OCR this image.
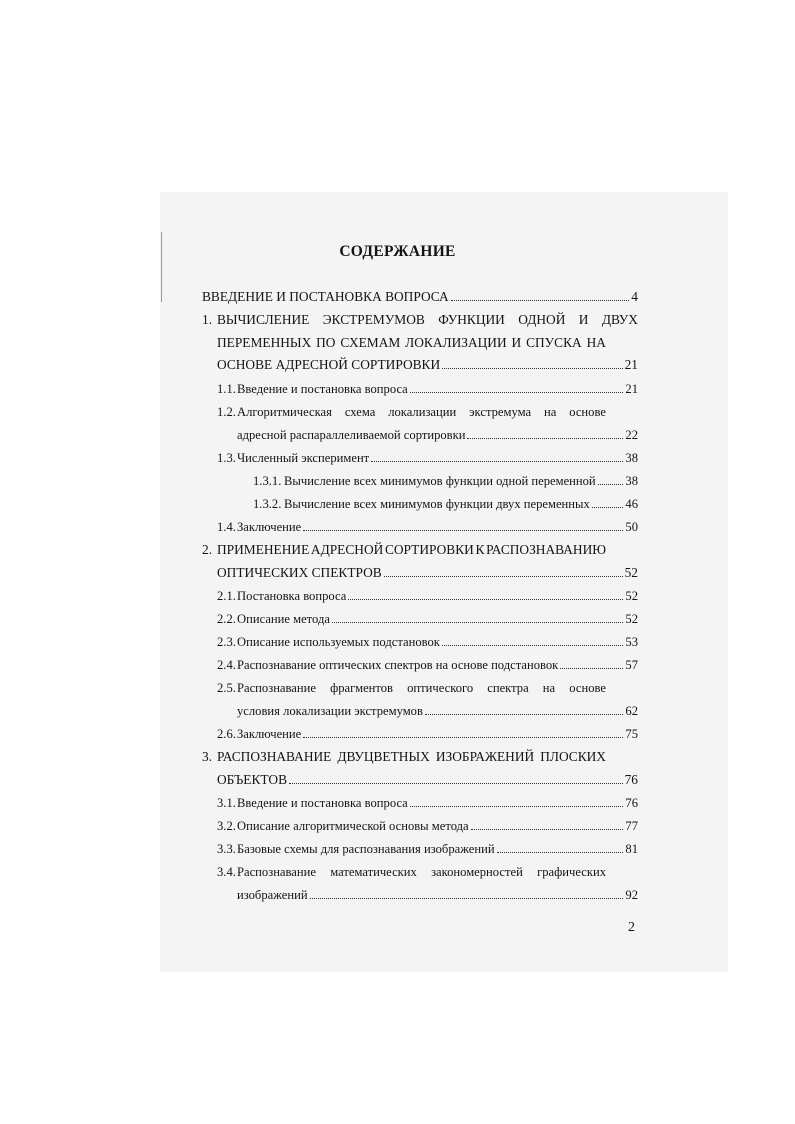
СОДЕРЖАНИЕ
ВВЕДЕНИЕ И ПОСТАНОВКА ВОПРОСА	4
1. ВЫЧИСЛЕНИЕ ЭКСТРЕМУМОВ ФУНКЦИИ ОДНОЙ И ДВУХ
ПЕРЕМЕННЫХ ПО СХЕМАМ ЛОКАЛИЗАЦИИ И СПУСКА НА
ОСНОВЕ АДРЕСНОЙ СОРТИРОВКИ	21
1.1. Введение и постановка вопроса	21
1.2. Алгоритмическая схема локализации экстремума на основе
адресной распараллеливаемой сортировки	22
1.3. Численный эксперимент	38
1.3.1. Вычисление всех минимумов функции одной переменной 38
1.3.2. Вычисление всех минимумов функции двух переменных	46
1.4. Заключение	50
2. ПРИМЕНЕНИЕ АДРЕСНОЙ СОРТИРОВКИ К РАСПОЗНАВАНИЮ
ОПТИЧЕСКИХ СПЕКТРОВ	52
2.1. Постановка вопроса	52
2.2. Описание метода	52
2.3. Описание используемых подстановок	53
2.4. Распознавание оптических спектров на основе подстановок	57
2.5. Распознавание фрагментов оптического спектра на основе
условия локализации экстремумов	62
2.6. Заключение	75
3. РАСПОЗНАВАНИЕ ДВУЦВЕТНЫХ ИЗОБРАЖЕНИЙ ПЛОСКИХ
ОБЪЕКТОВ	76
3.1. Введение и постановка вопроса	76
3.2. Описание алгоритмической основы метода	77
3.3. Базовые схемы для распознавания изображений	81
3.4. Распознавание математических закономерностей графических
изображений	92
2
